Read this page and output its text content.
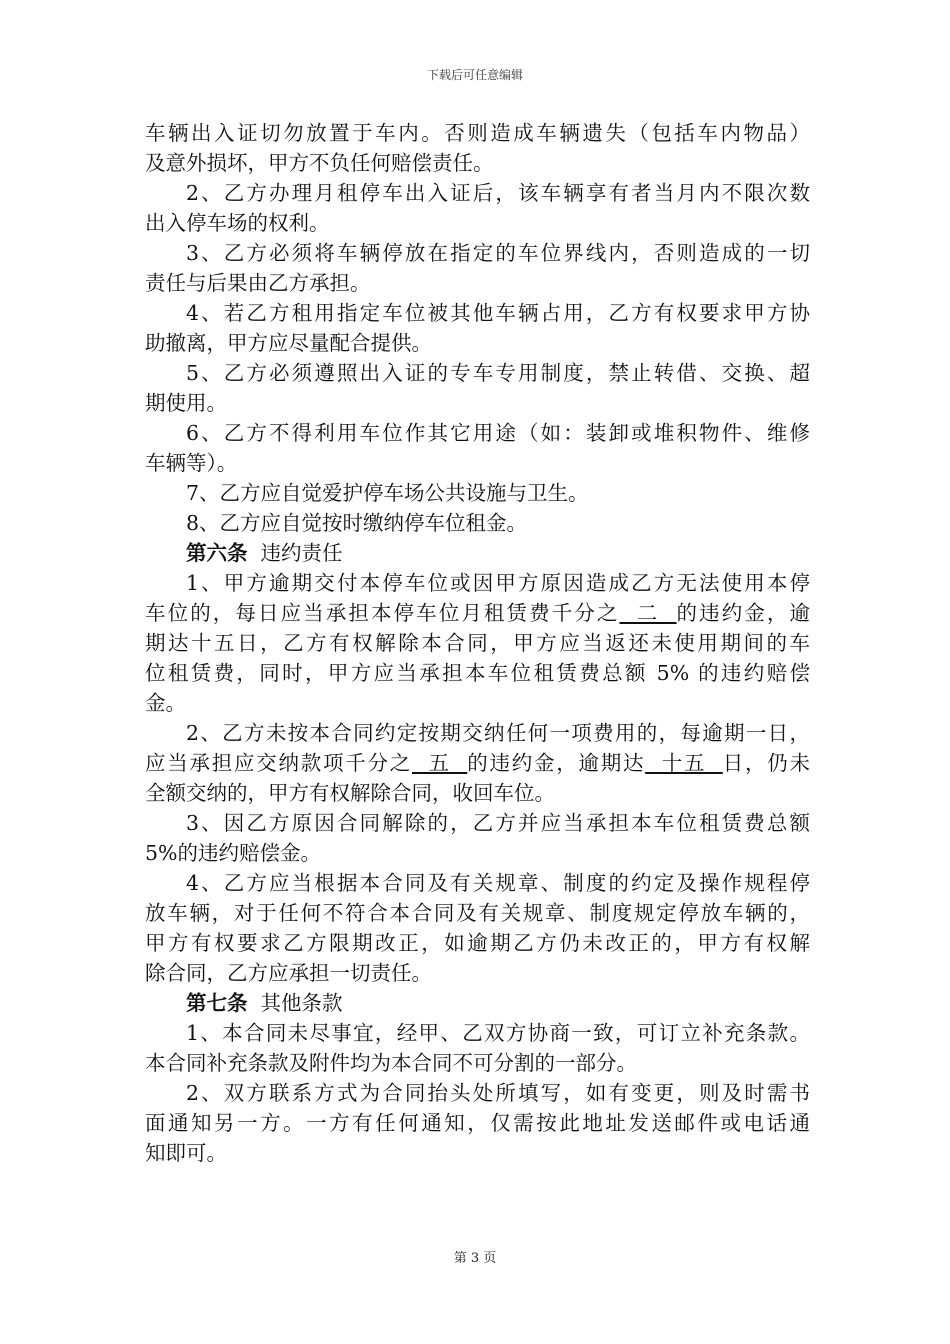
下载后可任意编辑
车辆出入证切勿放置于车内。否则造成车辆遗失（包括车内物品）
及意外损坏，甲方不负任何赔偿责任。
2、乙方办理月租停车出入证后，该车辆享有者当月内不限次数
出入停车场的权利。
3、乙方必须将车辆停放在指定的车位界线内，否则造成的一切
责任与后果由乙方承担。
4、若乙方租用指定车位被其他车辆占用，乙方有权要求甲方协
助撤离，甲方应尽量配合提供。
5、乙方必须遵照出入证的专车专用制度，禁止转借、交换、超
期使用。
6、乙方不得利用车位作其它用途（如：装卸或堆积物件、维修
车辆等）。
7、乙方应自觉爱护停车场公共设施与卫生。
8、乙方应自觉按时缴纳停车位租金。
第六条  违约责任
1、甲方逾期交付本停车位或因甲方原因造成乙方无法使用本停
车位的，每日应当承担本停车位月租赁费千分之  二  的违约金，逾
期达十五日，乙方有权解除本合同，甲方应当返还未使用期间的车
位租赁费，同时，甲方应当承担本车位租赁费总额 5% 的违约赔偿
金。
2、乙方未按本合同约定按期交纳任何一项费用的，每逾期一日，
应当承担应交纳款项千分之  五  的违约金，逾期达  十五  日，仍未
全额交纳的，甲方有权解除合同，收回车位。
3、因乙方原因合同解除的，乙方并应当承担本车位租赁费总额
5%的违约赔偿金。
4、乙方应当根据本合同及有关规章、制度的约定及操作规程停
放车辆，对于任何不符合本合同及有关规章、制度规定停放车辆的，
甲方有权要求乙方限期改正，如逾期乙方仍未改正的，甲方有权解
除合同，乙方应承担一切责任。
第七条  其他条款
1、本合同未尽事宜，经甲、乙双方协商一致，可订立补充条款。
本合同补充条款及附件均为本合同不可分割的一部分。
2、双方联系方式为合同抬头处所填写，如有变更，则及时需书
面通知另一方。一方有任何通知，仅需按此地址发送邮件或电话通
知即可。
第 3 页
